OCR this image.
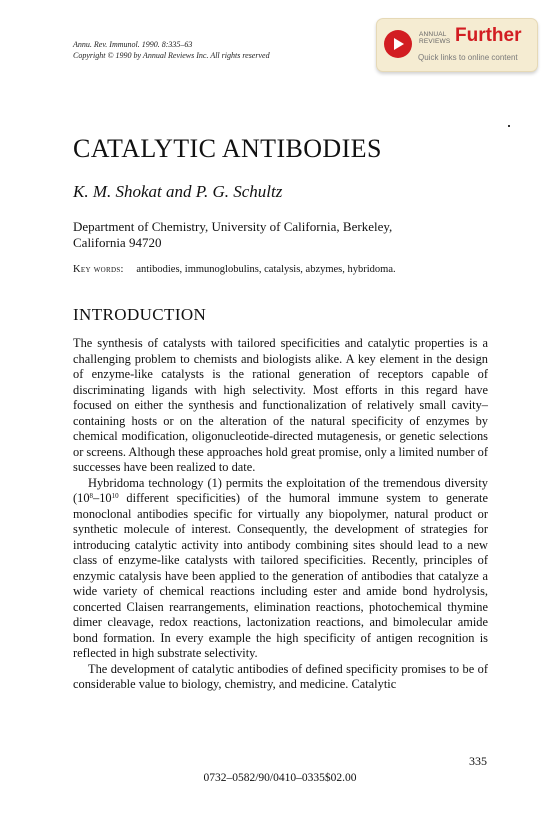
Annu. Rev. Immunol. 1990. 8:335–63
Copyright © 1990 by Annual Reviews Inc. All rights reserved
ANNUAL
REVIEWS Further
Quick links to online content
CATALYTIC ANTIBODIES
K. M. Shokat and P. G. Schultz
Department of Chemistry, University of California, Berkeley,
California 94720
Key words: antibodies, immunoglobulins, catalysis, abzymes, hybridoma.
INTRODUCTION

The synthesis of catalysts with tailored specificities and catalytic properties is a challenging problem to chemists and biologists alike. A key element in the design of enzyme-like catalysts is the rational generation of receptors capable of discriminating ligands with high selectivity. Most efforts in this regard have focused on either the synthesis and functionalization of relatively small cavity–containing hosts or on the alteration of the natural specificity of enzymes by chemical modification, oligonucleotide-directed mutagenesis, or genetic selections or screens. Although these approaches hold great promise, only a limited number of successes have been realized to date.

Hybridoma technology (1) permits the exploitation of the tremendous diversity ($10^8-10^{10}$ different specificities) of the humoral immune system to generate monoclonal antibodies specific for virtually any biopolymer, natural product or synthetic molecule of interest. Consequently, the development of strategies for introducing catalytic activity into antibody combining sites should lead to a new class of enzyme-like catalysts with tailored specificities. Recently, principles of enzymic catalysis have been applied to the generation of antibodies that catalyze a wide variety of chemical reactions including ester and amide bond hydrolysis, concerted Claisen rearrangements, elimination reactions, photochemical thymine dimer cleavage, redox reactions, lactonization reactions, and bimolecular amide bond formation. In every example the high specificity of antigen recognition is reflected in high substrate selectivity.

The development of catalytic antibodies of defined specificity promises to be of considerable value to biology, chemistry, and medicine. Catalytic

335
0732–0582/90/0410–0335$02.00
